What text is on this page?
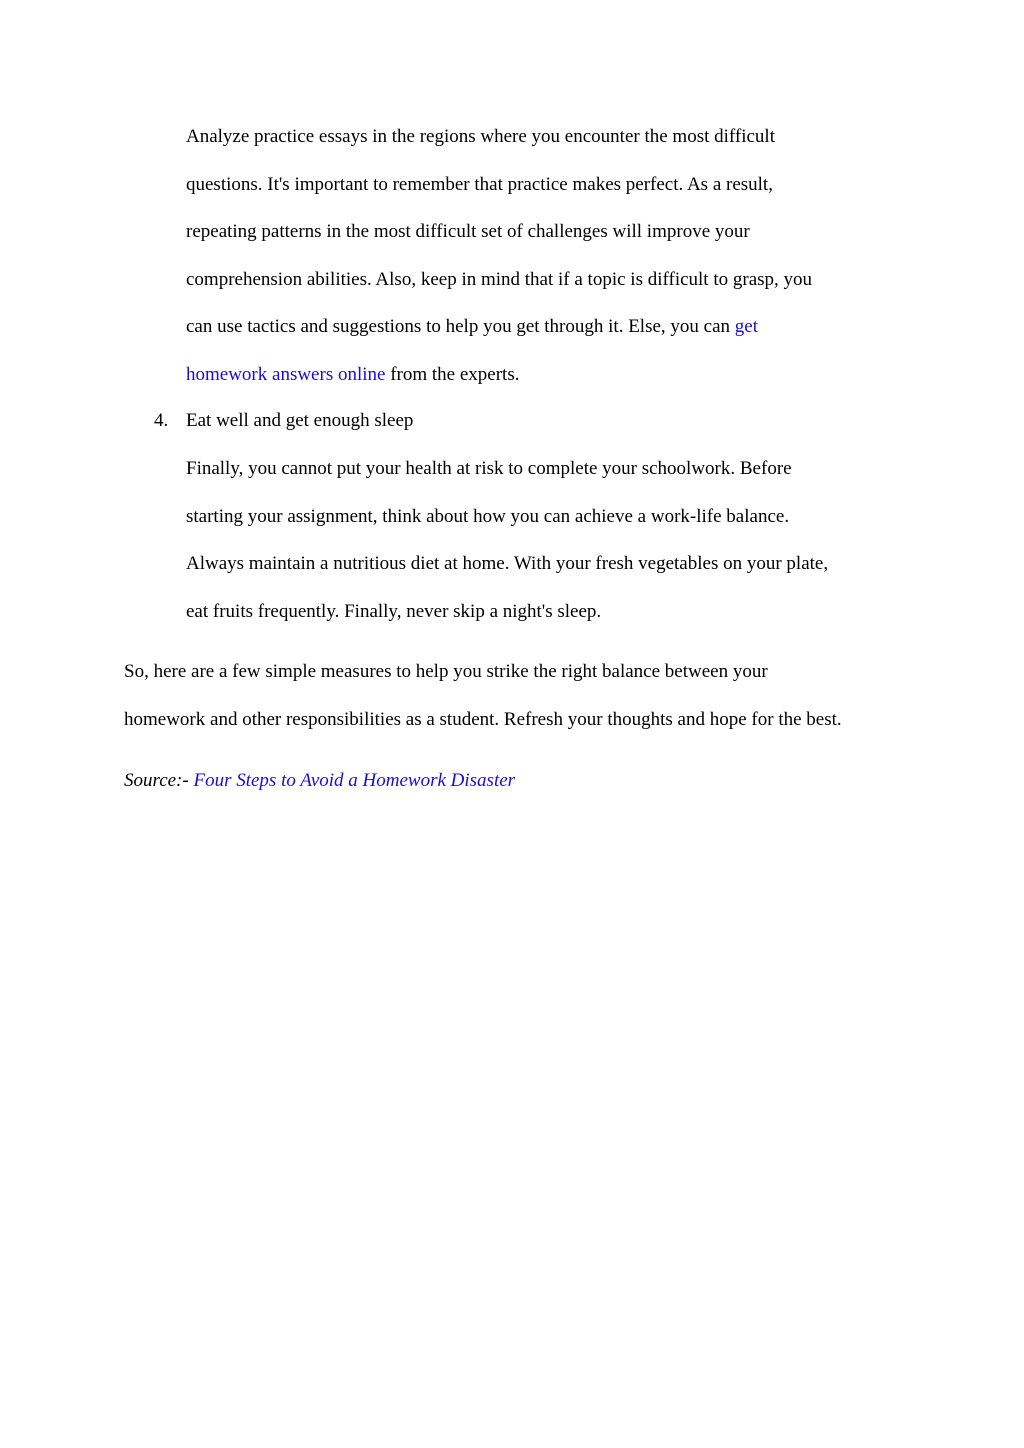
Analyze practice essays in the regions where you encounter the most difficult
questions. It's important to remember that practice makes perfect. As a result,
repeating patterns in the most difficult set of challenges will improve your
comprehension abilities. Also, keep in mind that if a topic is difficult to grasp, you
can use tactics and suggestions to help you get through it. Else, you can get
homework answers online from the experts.
4. Eat well and get enough sleep
Finally, you cannot put your health at risk to complete your schoolwork. Before
starting your assignment, think about how you can achieve a work-life balance.
Always maintain a nutritious diet at home. With your fresh vegetables on your plate,
eat fruits frequently. Finally, never skip a night's sleep.
So, here are a few simple measures to help you strike the right balance between your
homework and other responsibilities as a student. Refresh your thoughts and hope for the best.
Source:- Four Steps to Avoid a Homework Disaster
